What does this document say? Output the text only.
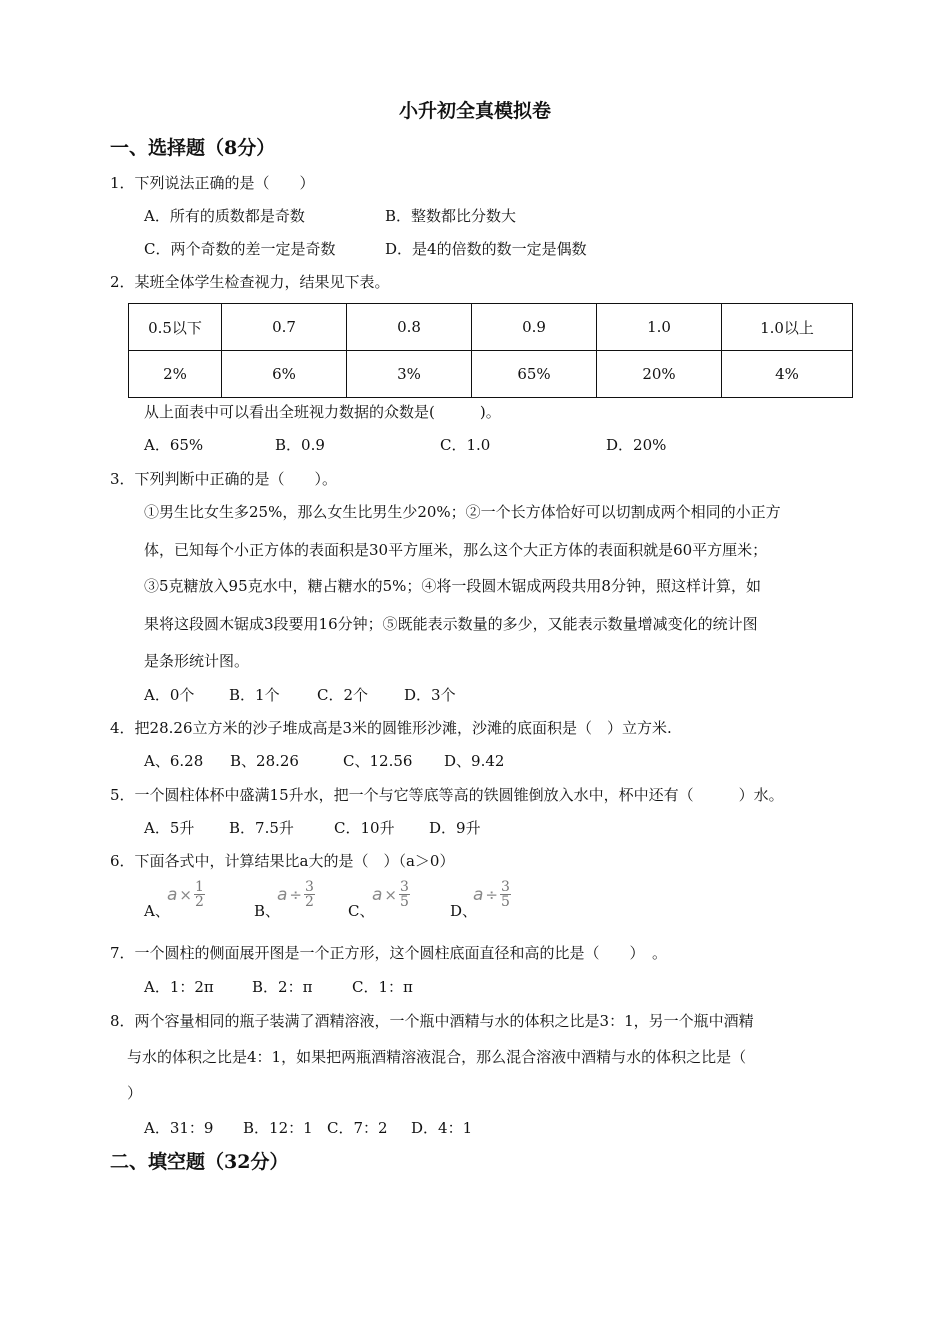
小升初全真模拟卷
一、选择题（8分）
1．下列说法正确的是（　　）
A．所有的质数都是奇数	B．整数都比分数大
C．两个奇数的差一定是奇数	D．是4的倍数的数一定是偶数
2．某班全体学生检查视力，结果见下表。
0.5以下	0.7	0.8	0.9	1.0	1.0以上
2%	6%	3%	65%	20%	4%
从上面表中可以看出全班视力数据的众数是(　　　)。
A．65%	B．0.9	C．1.0	D．20%
3．下列判断中正确的是（　　）。
①男生比女生多25%，那么女生比男生少20%；②一个长方体恰好可以切割成两个相同的小正方
体，已知每个小正方体的表面积是30平方厘米，那么这个大正方体的表面积就是60平方厘米；
③5克糖放入95克水中，糖占糖水的5%；④将一段圆木锯成两段共用8分钟，照这样计算，如
果将这段圆木锯成3段要用16分钟；⑤既能表示数量的多少，又能表示数量增减变化的统计图
是条形统计图。
A．0个 B．1个 C．2个 D．3个
4．把28.26立方米的沙子堆成高是3米的圆锥形沙滩，沙滩的底面积是（　）立方米.
A、6.28 B、28.26	C、12.56 D、9.42
5．一个圆柱体杯中盛满15升水，把一个与它等底等高的铁圆锥倒放入水中，杯中还有（　　　）水。
A．5升 B．7.5升	C．10升 D．9升
6．下面各式中，计算结果比a大的是（　）（a＞0）
A、
$a \times \frac{1}{2}$
B、
$a \div \frac{3}{2}$
C、
$a \times \frac{3}{5}$
D、
$a \div \frac{3}{5}$
7．一个圆柱的侧面展开图是一个正方形，这个圆柱底面直径和高的比是（　　）　。
A．1：2π	B．2：π	C．1：π
8．两个容量相同的瓶子装满了酒精溶液，一个瓶中酒精与水的体积之比是3：1，另一个瓶中酒精
与水的体积之比是4：1，如果把两瓶酒精溶液混合，那么混合溶液中酒精与水的体积之比是（
）
A．31：9 B．12：1 C．7：2 D．4：1
二、填空题（32分）
